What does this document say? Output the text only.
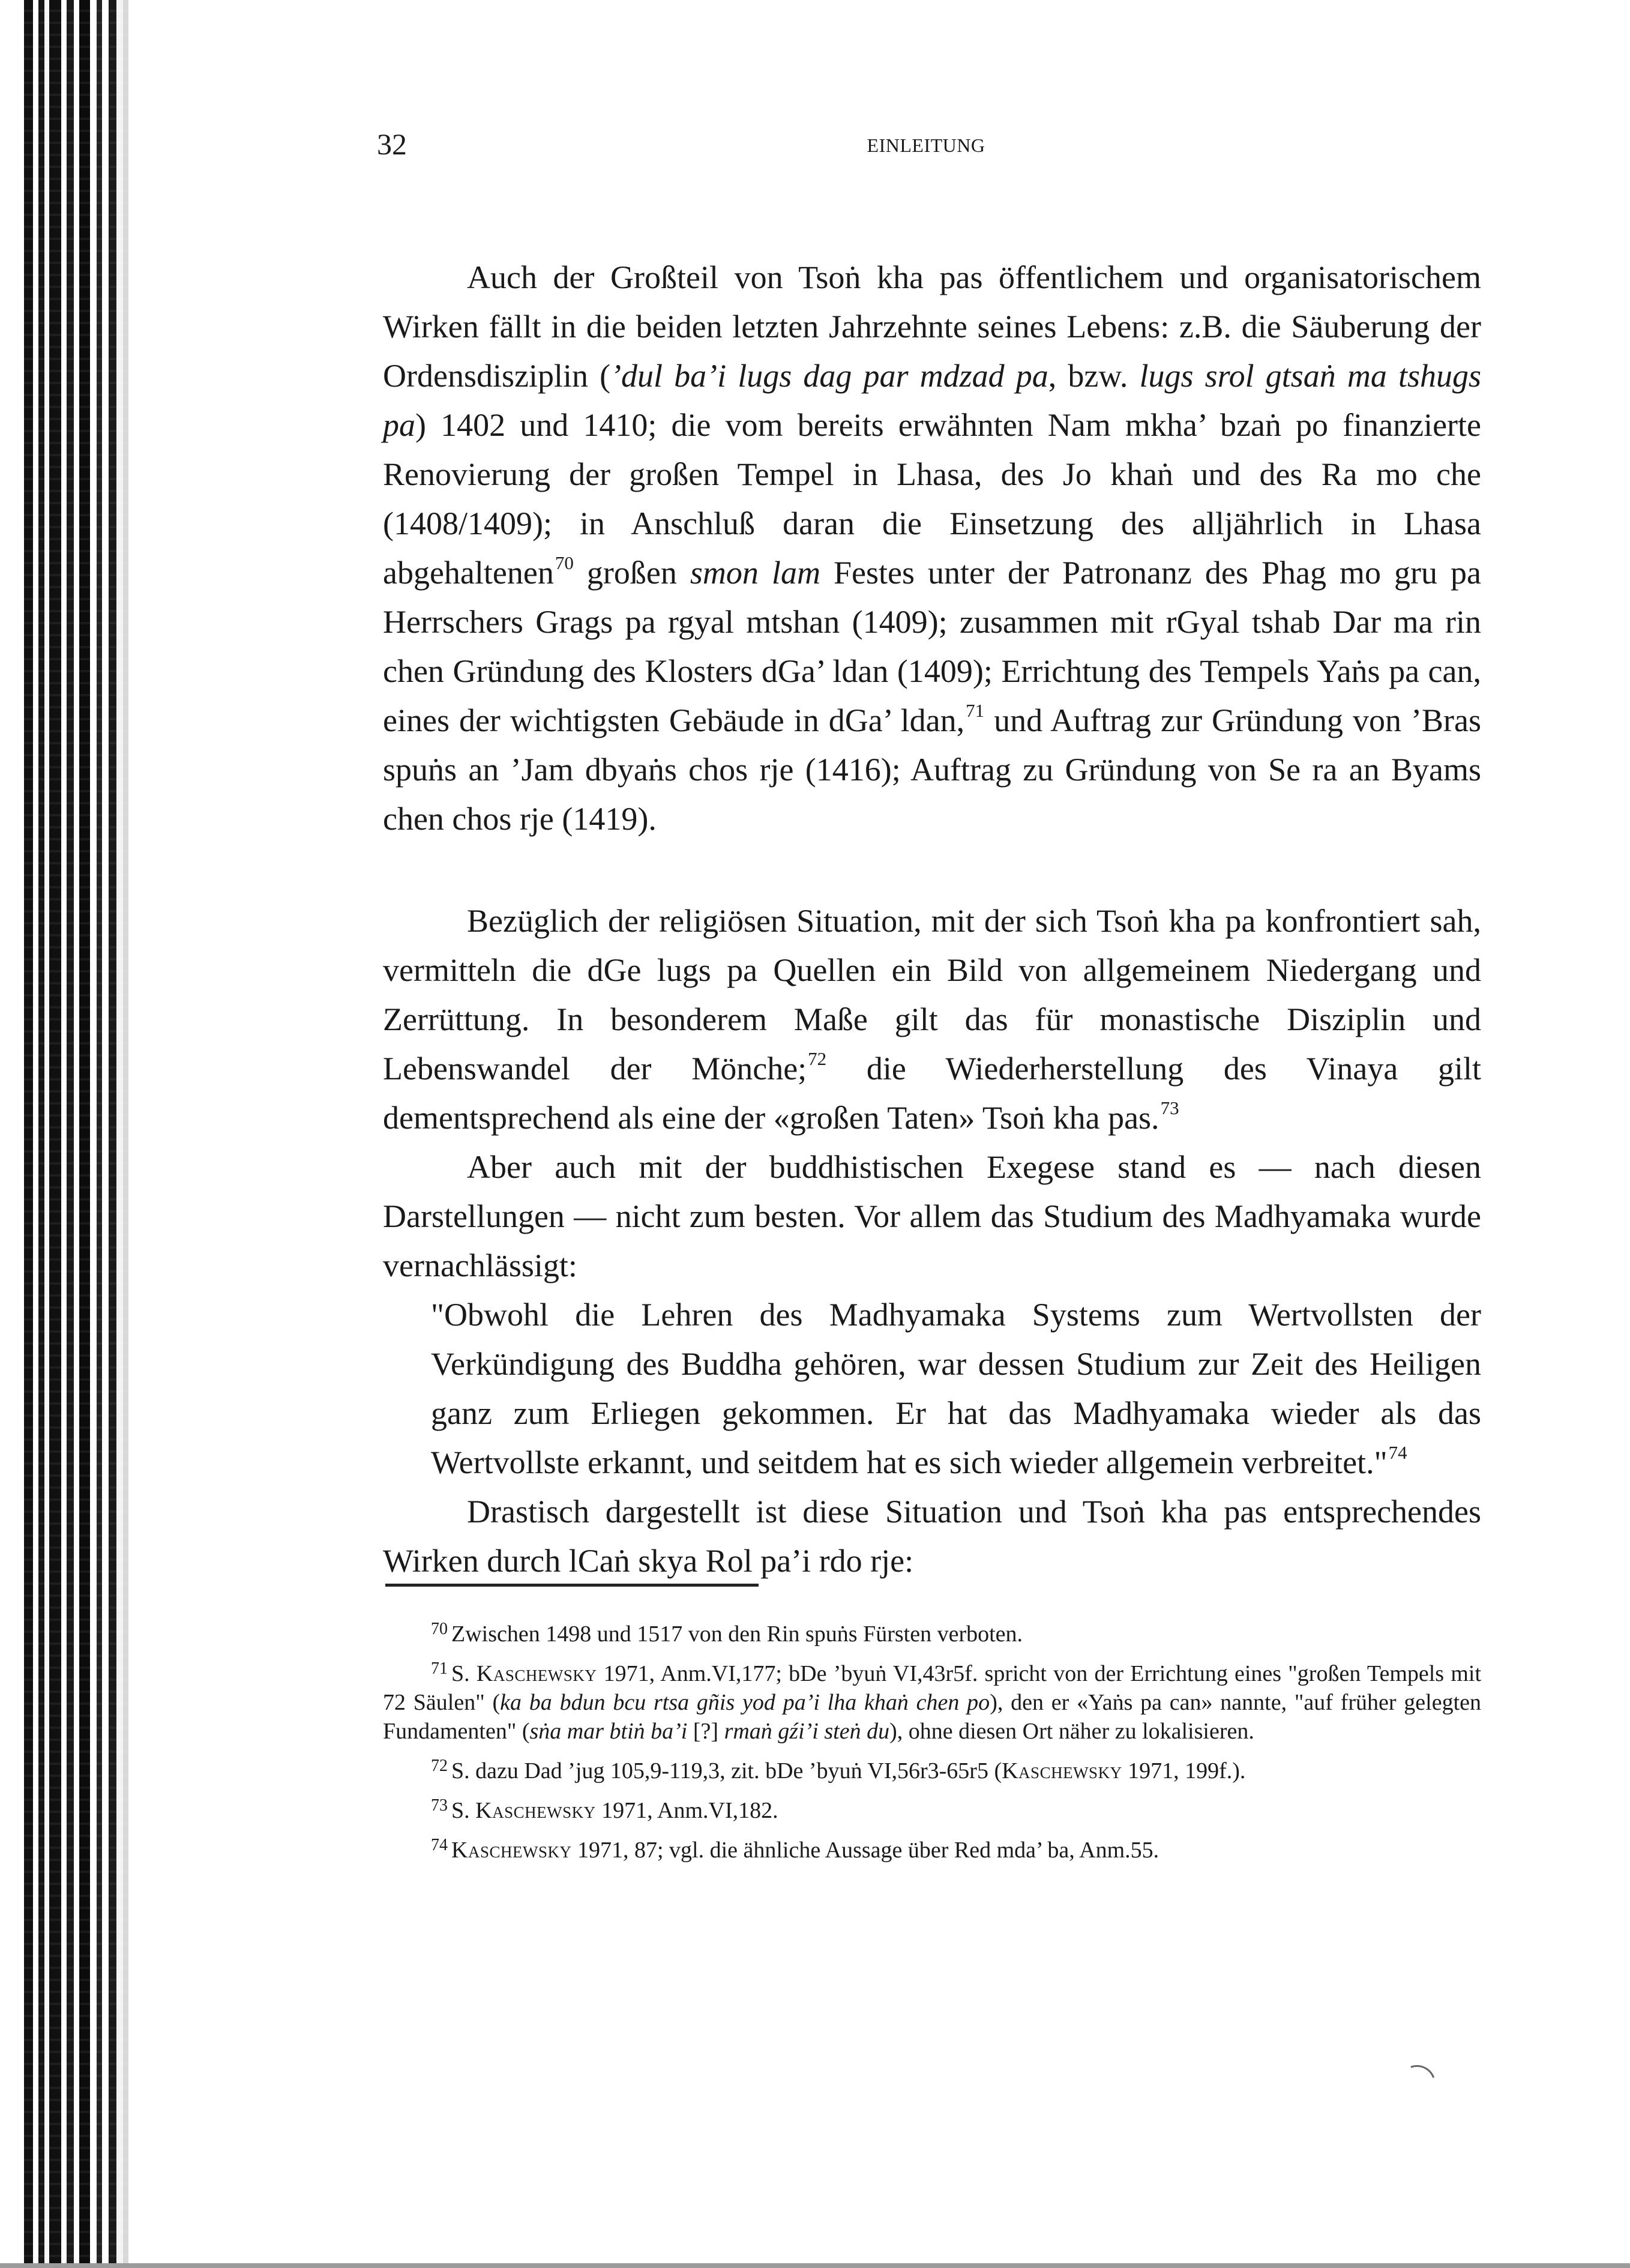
32	EINLEITUNG

Auch der Großteil von Tsoṅ kha pas öffentlichem und organisatorischem Wirken fällt in die beiden letzten Jahrzehnte seines Lebens: z.B. die Säuberung der Ordensdisziplin (’dul ba’i lugs dag par mdzad pa, bzw. lugs srol gtsaṅ ma tshugs pa) 1402 und 1410; die vom bereits erwähnten Nam mkha’ bzaṅ po finanzierte Renovierung der großen Tempel in Lhasa, des Jo khaṅ und des Ra mo che (1408/1409); in Anschluß daran die Einsetzung des alljährlich in Lhasa abgehaltenen$^{70}$ großen smon lam Festes unter der Patronanz des Phag mo gru pa Herrschers Grags pa rgyal mtshan (1409); zusammen mit rGyal tshab Dar ma rin chen Gründung des Klosters dGa’ ldan (1409); Errichtung des Tempels Yaṅs pa can, eines der wichtigsten Gebäude in dGa’ ldan,$^{71}$ und Auftrag zur Gründung von ’Bras spuṅs an ’Jam dbyaṅs chos rje (1416); Auftrag zu Gründung von Se ra an Byams chen chos rje (1419).

Bezüglich der religiösen Situation, mit der sich Tsoṅ kha pa konfrontiert sah, vermitteln die dGe lugs pa Quellen ein Bild von allgemeinem Niedergang und Zerrüttung. In besonderem Maße gilt das für monastische Disziplin und Lebenswandel der Mönche;$^{72}$ die Wiederherstellung des Vinaya gilt dementsprechend als eine der «großen Taten» Tsoṅ kha pas.$^{73}$

Aber auch mit der buddhistischen Exegese stand es — nach diesen Darstellungen — nicht zum besten. Vor allem das Studium des Madhyamaka wurde vernachlässigt:

"Obwohl die Lehren des Madhyamaka Systems zum Wertvollsten der Verkündigung des Buddha gehören, war dessen Studium zur Zeit des Heiligen ganz zum Erliegen gekommen. Er hat das Madhyamaka wieder als das Wertvollste erkannt, und seitdem hat es sich wieder allgemein verbreitet."$^{74}$

Drastisch dargestellt ist diese Situation und Tsoṅ kha pas entsprechendes Wirken durch lCaṅ skya Rol pa’i rdo rje:

$^{70}$ Zwischen 1498 und 1517 von den Rin spuṅs Fürsten verboten.

$^{71}$ S. Kaschewsky 1971, Anm.VI,177; bDe ’byuṅ VI,43r5f. spricht von der Errichtung eines "großen Tempels mit 72 Säulen" (ka ba bdun bcu rtsa gñis yod pa’i lha khaṅ chen po), den er «Yaṅs pa can» nannte, "auf früher gelegten Fundamenten" (sṅa mar btiṅ ba’i [?] rmaṅ gźi’i steṅ du), ohne diesen Ort näher zu lokalisieren.

$^{72}$ S. dazu Dad ’jug 105,9-119,3, zit. bDe ’byuṅ VI,56r3-65r5 (Kaschewsky 1971, 199f.).

$^{73}$ S. Kaschewsky 1971, Anm.VI,182.

$^{74}$ Kaschewsky 1971, 87; vgl. die ähnliche Aussage über Red mda’ ba, Anm.55.
